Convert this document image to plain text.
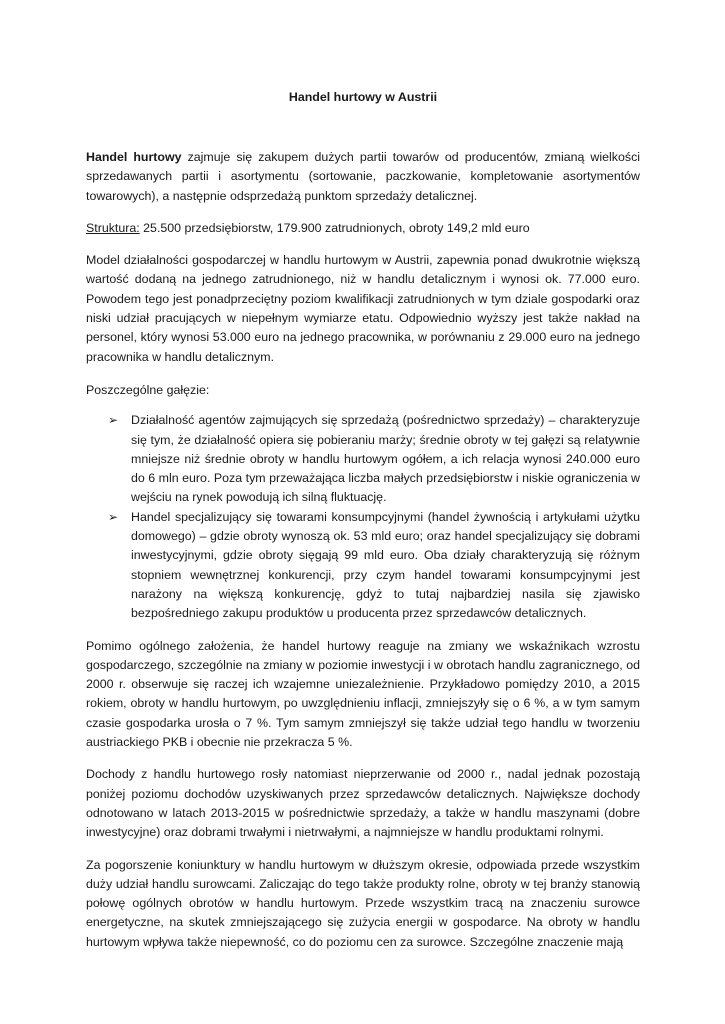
Handel hurtowy w Austrii

Handel hurtowy zajmuje się zakupem dużych partii towarów od producentów, zmianą wielkości sprzedawanych partii i asortymentu (sortowanie, paczkowanie, kompletowanie asortymentów towarowych), a następnie odsprzedażą punktom sprzedaży detalicznej.

Struktura: 25.500 przedsiębiorstw, 179.900 zatrudnionych, obroty 149,2 mld euro

Model działalności gospodarczej w handlu hurtowym w Austrii, zapewnia ponad dwukrotnie większą wartość dodaną na jednego zatrudnionego, niż w handlu detalicznym i wynosi ok. 77.000 euro. Powodem tego jest ponadprzeciętny poziom kwalifikacji zatrudnionych w tym dziale gospodarki oraz niski udział pracujących w niepełnym wymiarze etatu. Odpowiednio wyższy jest także nakład na personel, który wynosi 53.000 euro na jednego pracownika, w porównaniu z 29.000 euro na jednego pracownika w handlu detalicznym.

Poszczególne gałęzie:

➢ Działalność agentów zajmujących się sprzedażą (pośrednictwo sprzedaży) – charakteryzuje się tym, że działalność opiera się pobieraniu marży; średnie obroty w tej gałęzi są relatywnie mniejsze niż średnie obroty w handlu hurtowym ogółem, a ich relacja wynosi 240.000 euro do 6 mln euro. Poza tym przeważająca liczba małych przedsiębiorstw i niskie ograniczenia w wejściu na rynek powodują ich silną fluktuację.
➢ Handel specjalizujący się towarami konsumpcyjnymi (handel żywnością i artykułami użytku domowego) – gdzie obroty wynoszą ok. 53 mld euro; oraz handel specjalizujący się dobrami inwestycyjnymi, gdzie obroty sięgają 99 mld euro. Oba działy charakteryzują się różnym stopniem wewnętrznej konkurencji, przy czym handel towarami konsumpcyjnymi jest narażony na większą konkurencję, gdyż to tutaj najbardziej nasila się zjawisko bezpośredniego zakupu produktów u producenta przez sprzedawców detalicznych.

Pomimo ogólnego założenia, że handel hurtowy reaguje na zmiany we wskaźnikach wzrostu gospodarczego, szczególnie na zmiany w poziomie inwestycji i w obrotach handlu zagranicznego, od 2000 r. obserwuje się raczej ich wzajemne uniezależnienie. Przykładowo pomiędzy 2010, a 2015 rokiem, obroty w handlu hurtowym, po uwzględnieniu inflacji, zmniejszyły się o 6 %, a w tym samym czasie gospodarka urosła o 7 %. Tym samym zmniejszył się także udział tego handlu w tworzeniu austriackiego PKB i obecnie nie przekracza 5 %.

Dochody z handlu hurtowego rosły natomiast nieprzerwanie od 2000 r., nadal jednak pozostają poniżej poziomu dochodów uzyskiwanych przez sprzedawców detalicznych. Największe dochody odnotowano w latach 2013-2015 w pośrednictwie sprzedaży, a także w handlu maszynami (dobre inwestycyjne) oraz dobrami trwałymi i nietrwałymi, a najmniejsze w handlu produktami rolnymi.

Za pogorszenie koniunktury w handlu hurtowym w dłuższym okresie, odpowiada przede wszystkim duży udział handlu surowcami. Zaliczając do tego także produkty rolne, obroty w tej branży stanowią połowę ogólnych obrotów w handlu hurtowym. Przede wszystkim tracą na znaczeniu surowce energetyczne, na skutek zmniejszającego się zużycia energii w gospodarce. Na obroty w handlu hurtowym wpływa także niepewność, co do poziomu cen za surowce. Szczególne znaczenie mają
